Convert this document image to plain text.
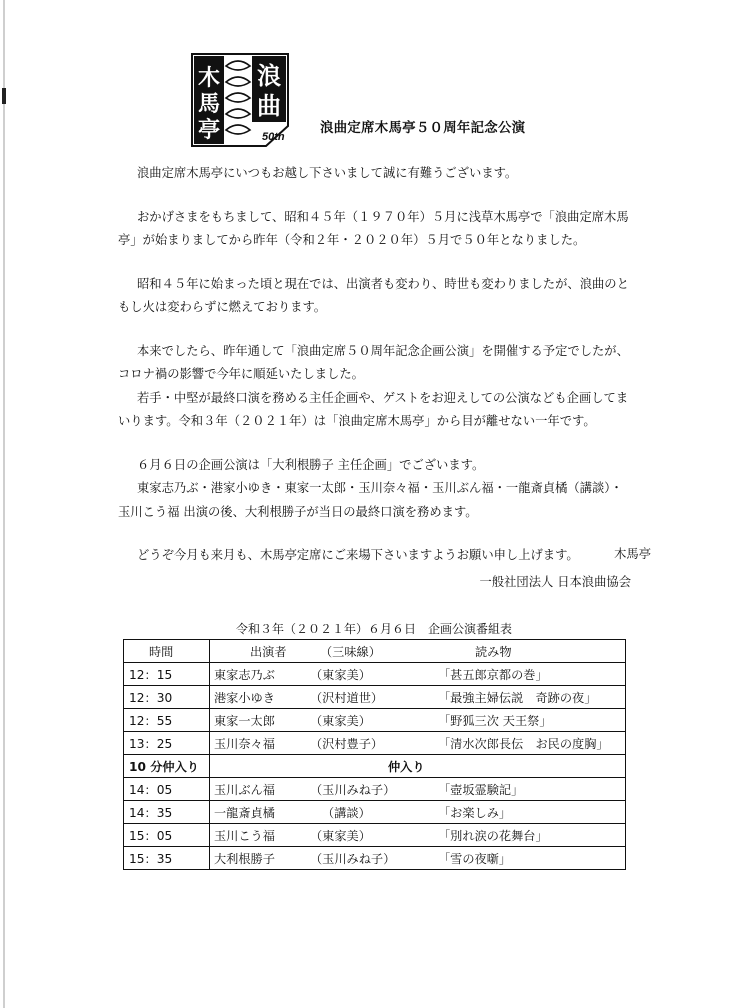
木
馬
亭
浪
曲
50th
浪曲定席木馬亭５０周年記念公演

浪曲定席木馬亭にいつもお越し下さいまして誠に有難うございます。

おかげさまをもちまして、昭和４５年（１９７０年）５月に浅草木馬亭で「浪曲定席木馬
亭」が始まりましてから昨年（令和２年・２０２０年）５月で５０年となりました。

昭和４５年に始まった頃と現在では、出演者も変わり、時世も変わりましたが、浪曲のと
もし火は変わらずに燃えております。

本来でしたら、昨年通して「浪曲定席５０周年記念企画公演」を開催する予定でしたが、
コロナ禍の影響で今年に順延いたしました。
若手・中堅が最終口演を務める主任企画や、ゲストをお迎えしての公演なども企画してま
いります。令和３年（２０２１年）は「浪曲定席木馬亭」から目が離せない一年です。

６月６日の企画公演は「大利根勝子 主任企画」でございます。
東家志乃ぶ・港家小ゆき・東家一太郎・玉川奈々福・玉川ぶん福・一龍斎貞橘（講談）・
玉川こう福 出演の後、大利根勝子が当日の最終口演を務めます。

どうぞ今月も来月も、木馬亭定席にご来場下さいますようお願い申し上げます。	木馬亭
一般社団法人 日本浪曲協会
令和３年（２０２１年）６月６日　企画公演番組表
時間	出演者 （三味線） 読み物

12：15	東家志乃ぶ （東家美） 「甚五郎京都の巻」

12：30	港家小ゆき （沢村道世） 「最強主婦伝説　奇跡の夜」

12：55	東家一太郎 （東家美） 「野狐三次 天王祭」

13：25	玉川奈々福 （沢村豊子） 「清水次郎長伝　お民の度胸」

10 分仲入り	仲入り

14：05	玉川ぶん福 （玉川みね子） 「壺坂霊験記」

14：35	一龍斎貞橘 （講談） 「お楽しみ」

15：05	玉川こう福 （東家美） 「別れ涙の花舞台」

15：35	大利根勝子 （玉川みね子） 「雪の夜噺」
